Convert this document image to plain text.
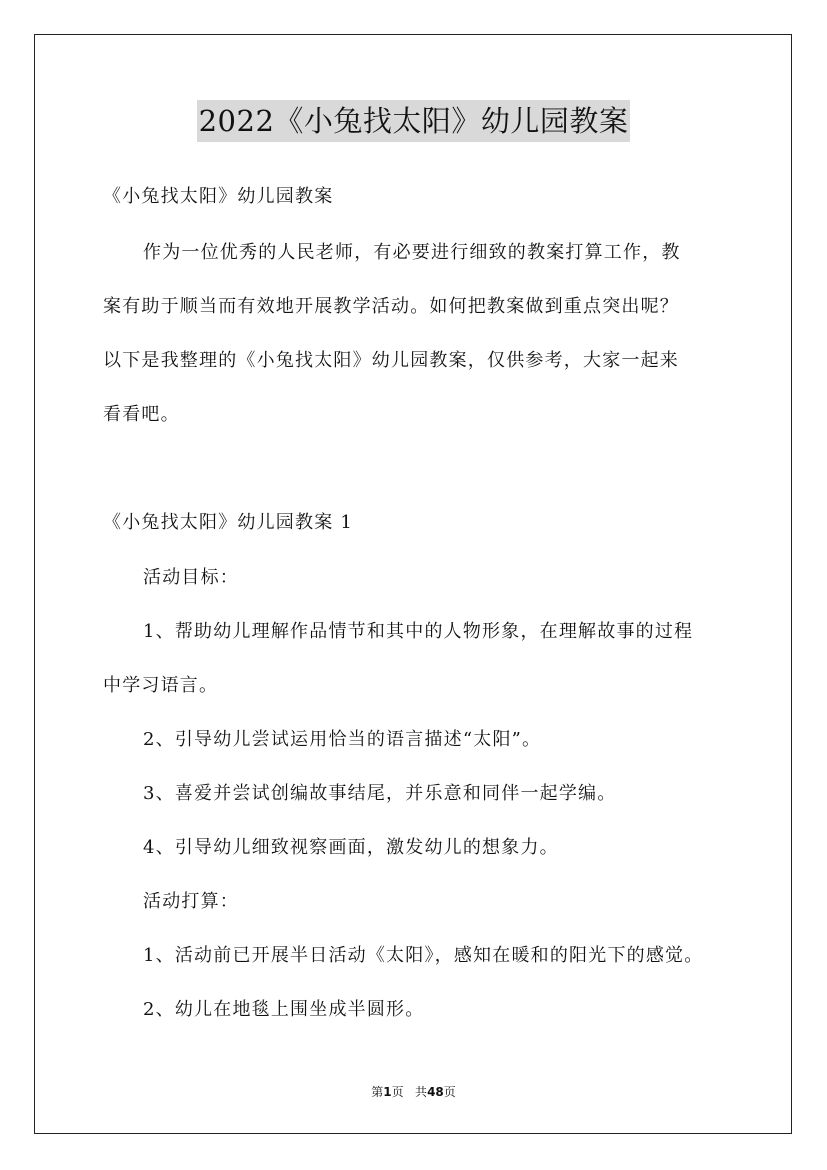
2022《小兔找太阳》幼儿园教案
《小兔找太阳》幼儿园教案
作为一位优秀的人民老师，有必要进行细致的教案打算工作，教
案有助于顺当而有效地开展教学活动。如何把教案做到重点突出呢？
以下是我整理的《小兔找太阳》幼儿园教案，仅供参考，大家一起来
看看吧。
《小兔找太阳》幼儿园教案 1
活动目标：
1、帮助幼儿理解作品情节和其中的人物形象，在理解故事的过程
中学习语言。
2、引导幼儿尝试运用恰当的语言描述“太阳”。
3、喜爱并尝试创编故事结尾，并乐意和同伴一起学编。
4、引导幼儿细致视察画面，激发幼儿的想象力。
活动打算：
1、活动前已开展半日活动《太阳》，感知在暖和的阳光下的感觉。
2、幼儿在地毯上围坐成半圆形。
第1页 共48页
